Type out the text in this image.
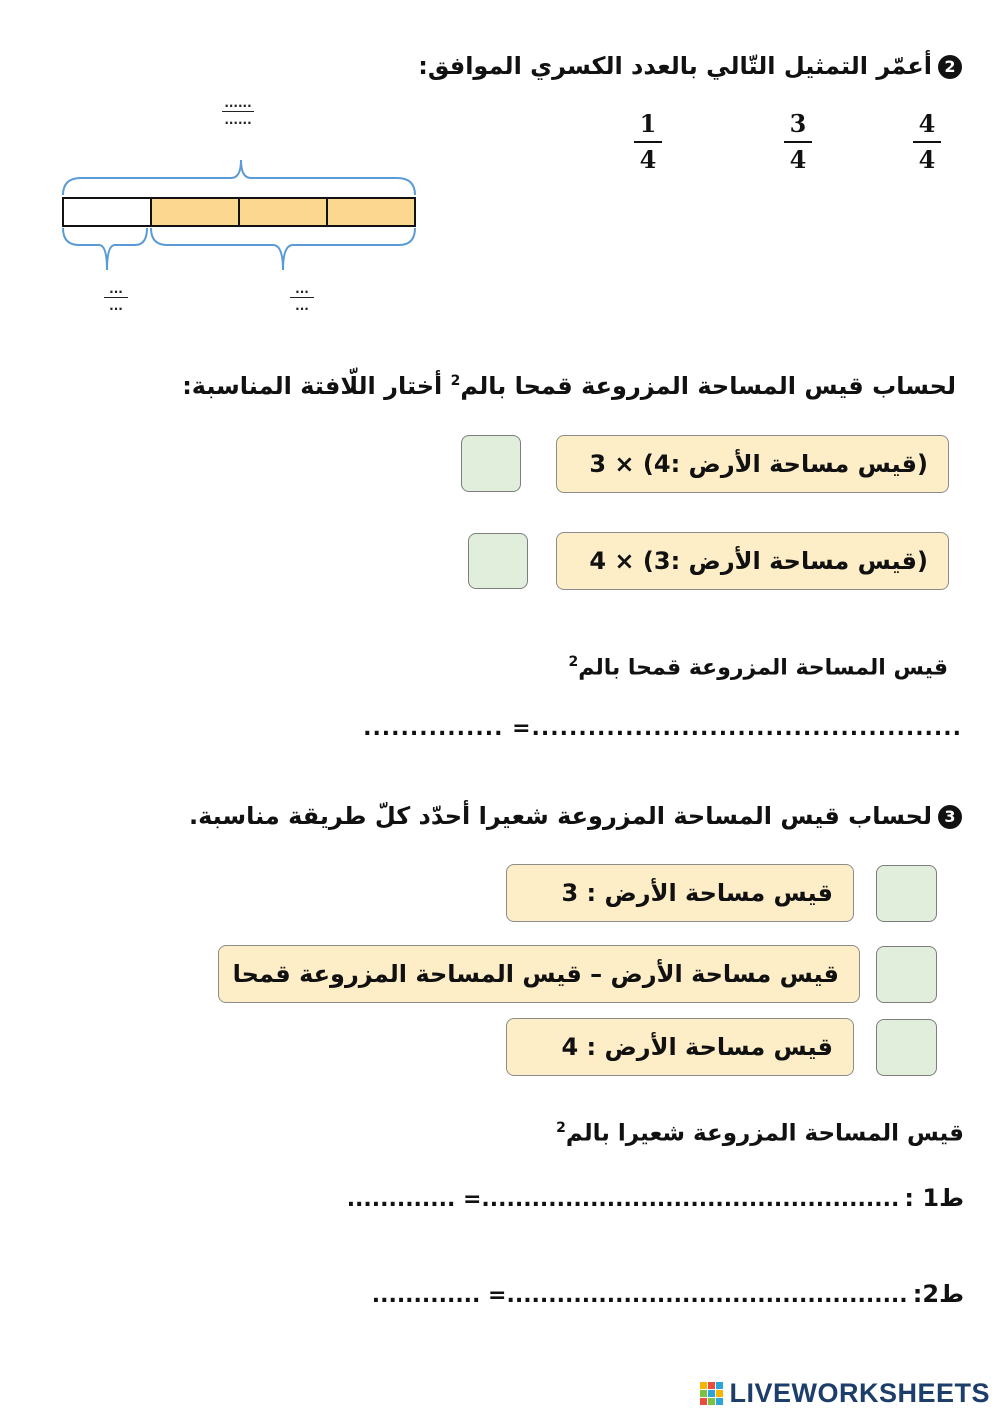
2أعمّر التمثيل التّالي بالعدد الكسري الموافق:
1
4
3
4
4
4
......
......
...
...
...
...
لحساب قيس المساحة المزروعة قمحا بالم$^2$ أختار اللّافتة المناسبة:
(قيس مساحة الأرض :4) × 3
(قيس مساحة الأرض :3) × 4
قيس المساحة المزروعة قمحا بالم$^2$
..............................................= ...............
3لحساب قيس المساحة المزروعة شعيرا أحدّد كلّ طريقة مناسبة.
قيس مساحة الأرض : 3
قيس مساحة الأرض – قيس المساحة المزروعة قمحا
قيس مساحة الأرض : 4
قيس المساحة المزروعة شعيرا بالم$^2$
ط1 : ..................................................= .............
ط2: ................................................= .............
LIVEWORKSHEETS
